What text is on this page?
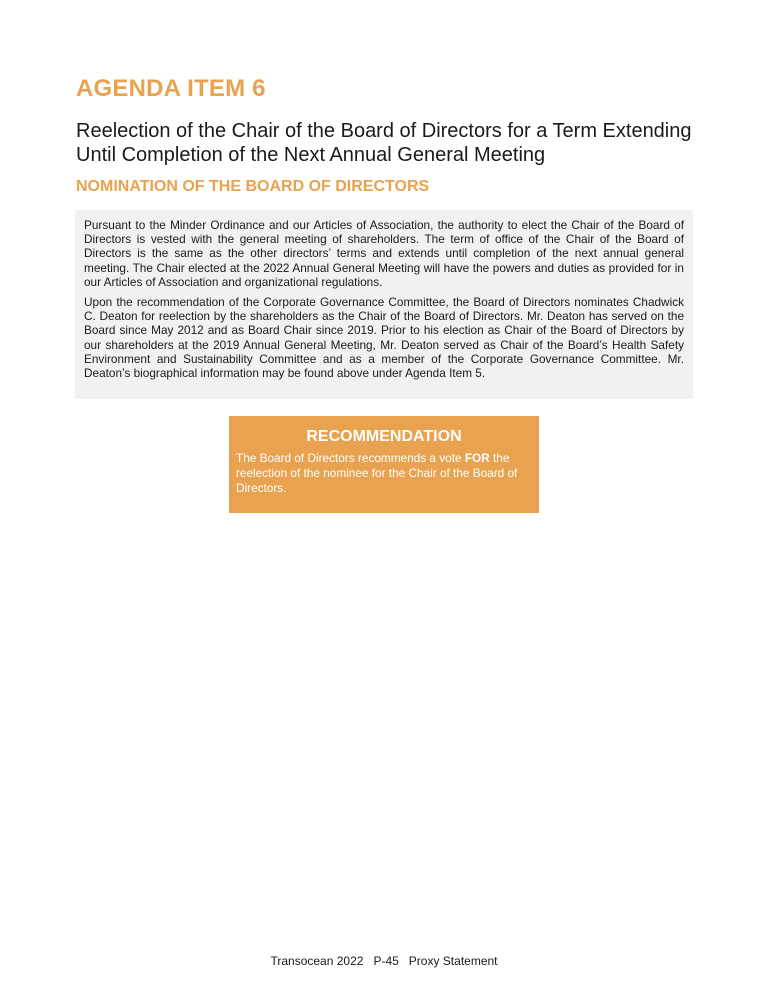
AGENDA ITEM 6
Reelection of the Chair of the Board of Directors for a Term Extending Until Completion of the Next Annual General Meeting
NOMINATION OF THE BOARD OF DIRECTORS

Pursuant to the Minder Ordinance and our Articles of Association, the authority to elect the Chair of the Board of Directors is vested with the general meeting of shareholders. The term of office of the Chair of the Board of Directors is the same as the other directors’ terms and extends until completion of the next annual general meeting. The Chair elected at the 2022 Annual General Meeting will have the powers and duties as provided for in our Articles of Association and organizational regulations.

Upon the recommendation of the Corporate Governance Committee, the Board of Directors nominates Chadwick C. Deaton for reelection by the shareholders as the Chair of the Board of Directors. Mr. Deaton has served on the Board since May 2012 and as Board Chair since 2019. Prior to his election as Chair of the Board of Directors by our shareholders at the 2019 Annual General Meeting, Mr. Deaton served as Chair of the Board’s Health Safety Environment and Sustainability Committee and as a member of the Corporate Governance Committee. Mr. Deaton’s biographical information may be found above under Agenda Item 5.

RECOMMENDATION
The Board of Directors recommends a vote FOR the reelection of the nominee for the Chair of the Board of Directors.
Transocean 2022 P-45 Proxy Statement
